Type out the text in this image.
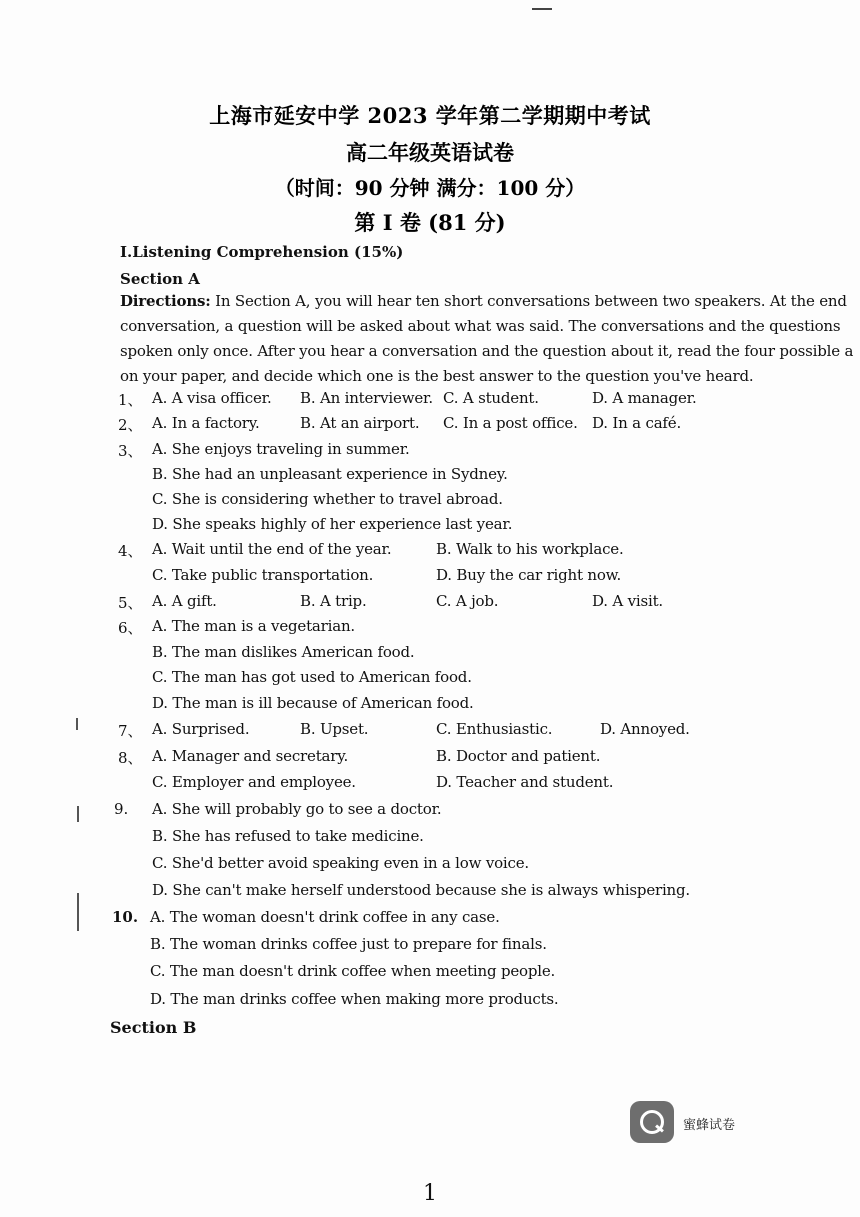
上海市延安中学 2023 学年第二学期期中考试
高二年级英语试卷
（时间：90 分钟 满分：100 分）
第 I 卷 (81 分)
I.Listening Comprehension (15%)
Section A
Directions: In Section A, you will hear ten short conversations between two speakers. At the end
conversation, a question will be asked about what was said. The conversations and the questions
spoken only once. After you hear a conversation and the question about it, read the four possible a
on your paper, and decide which one is the best answer to the question you've heard.
1、 A. A visa officer. B. An interviewer. C. A student.	D. A manager.
2、 A. In a factory.	B. At an airport. C. In a post office. D. In a café.
3、 A. She enjoys traveling in summer.
B. She had an unpleasant experience in Sydney.
C. She is considering whether to travel abroad.
D. She speaks highly of her experience last year.
4、 A. Wait until the end of the year.	B. Walk to his workplace.
C. Take public transportation.	D. Buy the car right now.
5、 A. A gift.	B. A trip.	C. A job.	D. A visit.
6、 A. The man is a vegetarian.
B. The man dislikes American food.
C. The man has got used to American food.
D. The man is ill because of American food.
7、 A. Surprised.	B. Upset.	C. Enthusiastic.	D. Annoyed.
8、 A. Manager and secretary.	B. Doctor and patient.
C. Employer and employee.	D. Teacher and student.
9. A. She will probably go to see a doctor.
B. She has refused to take medicine.
C. She'd better avoid speaking even in a low voice.
D. She can't make herself understood because she is always whispering.
10. A. The woman doesn't drink coffee in any case.
B. The woman drinks coffee just to prepare for finals.
C. The man doesn't drink coffee when meeting people.
D. The man drinks coffee when making more products.
Section B
蜜蜂试卷
1
